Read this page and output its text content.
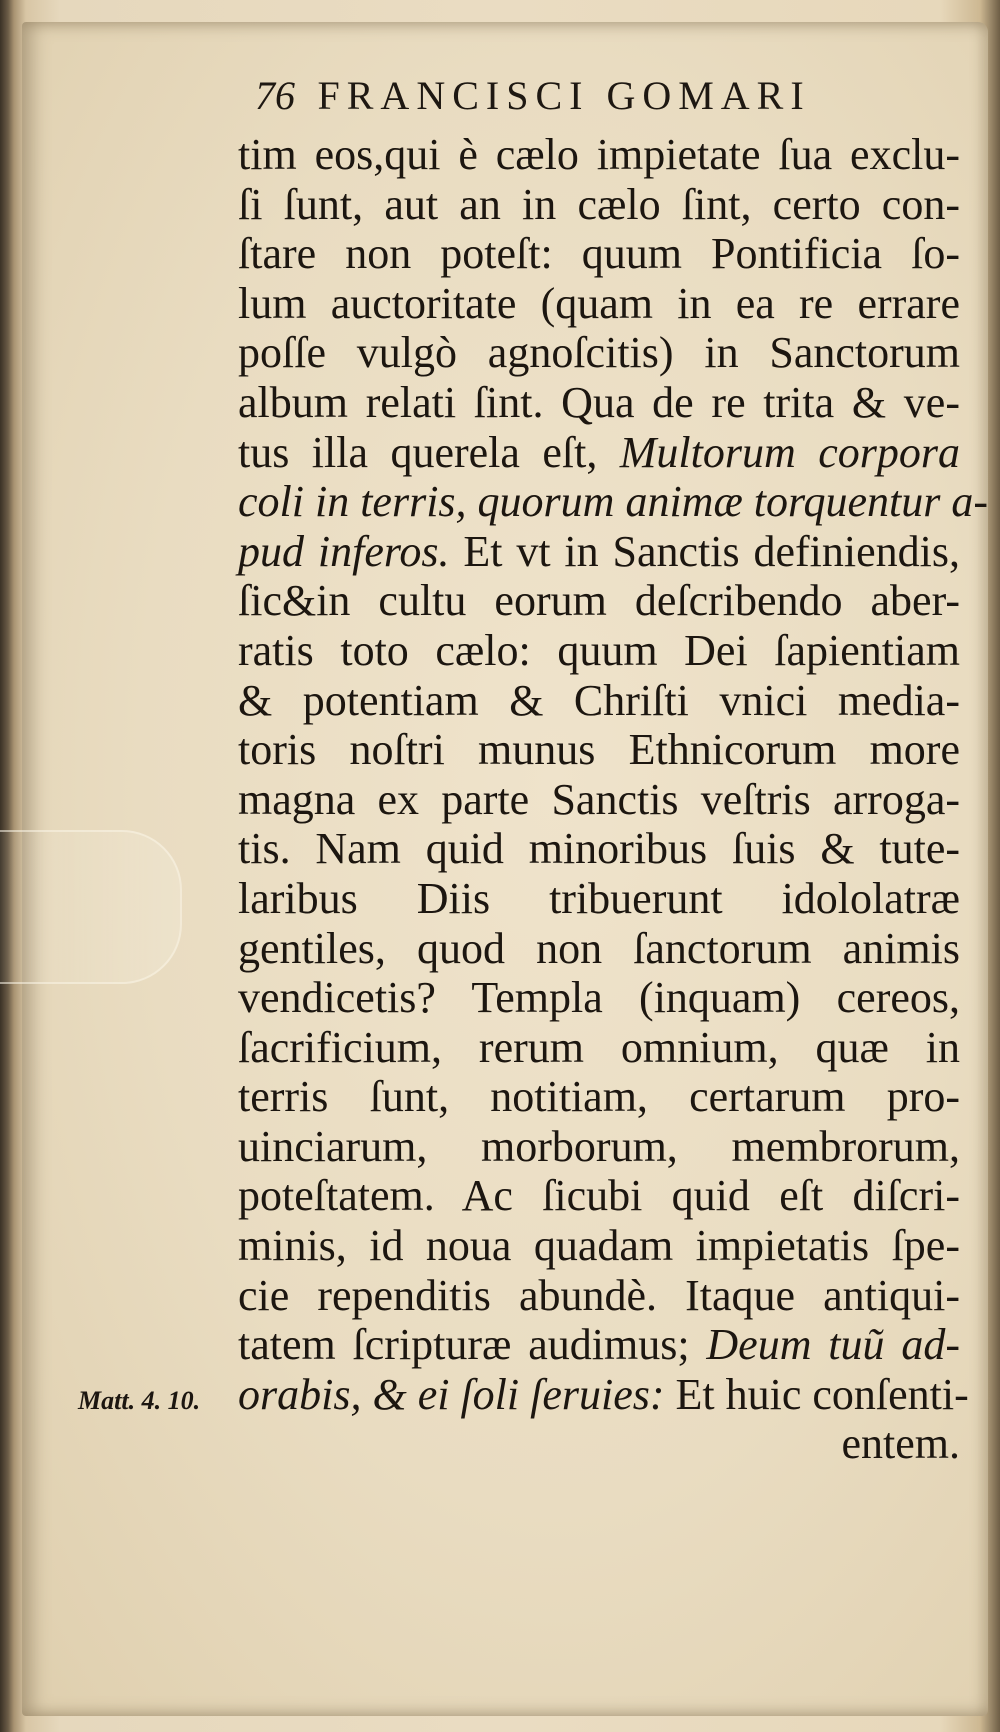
76 FRANCISCI GOMARI
Matt. 4. 10.
tim eos,qui è cælo impietate ſua exclu-
ſi ſunt, aut an in cælo ſint, certo con-
ſtare non poteſt: quum Pontificia ſo-
lum auctoritate (quam in ea re errare
poſſe vulgò agnoſcitis) in Sanctorum
album relati ſint. Qua de re trita & ve-
tus illa querela eſt, Multorum corpora
coli in terris, quorum animæ torquentur a-
pud inferos. Et vt in Sanctis definiendis,
ſic&in cultu eorum deſcribendo aber-
ratis toto cælo: quum Dei ſapientiam
& potentiam & Chriſti vnici media-
toris noſtri munus Ethnicorum more
magna ex parte Sanctis veſtris arroga-
tis. Nam quid minoribus ſuis & tute-
laribus Diis tribuerunt idololatræ
gentiles, quod non ſanctorum animis
vendicetis? Templa (inquam) cereos,
ſacrificium, rerum omnium, quæ in
terris ſunt, notitiam, certarum pro-
uinciarum, morborum, membrorum,
poteſtatem. Ac ſicubi quid eſt diſcri-
minis, id noua quadam impietatis ſpe-
cie rependitis abundè. Itaque antiqui-
tatem ſcripturæ audimus; Deum tuũ ad-
orabis, & ei ſoli ſeruies: Et huic conſenti-
entem.
